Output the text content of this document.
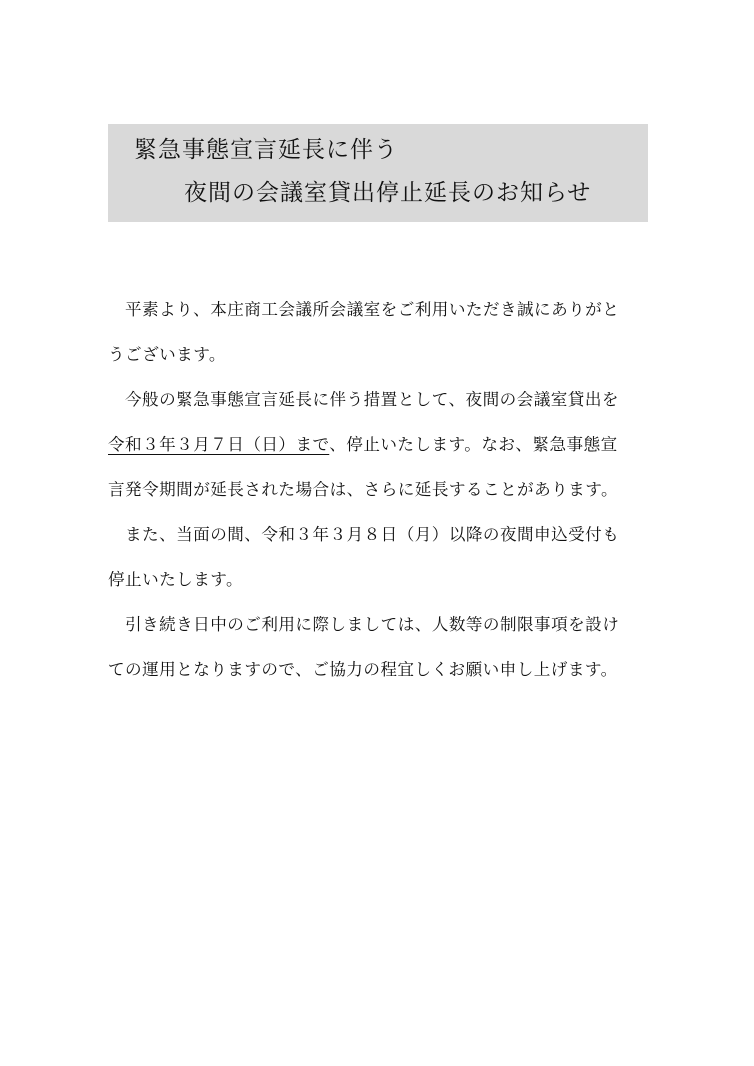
緊急事態宣言延長に伴う
夜間の会議室貸出停止延長のお知らせ
平素より、本庄商工会議所会議室をご利用いただき誠にありがと
うございます。
今般の緊急事態宣言延長に伴う措置として、夜間の会議室貸出を
令和３年３月７日（日）まで、停止いたします。なお、緊急事態宣
言発令期間が延長された場合は、さらに延長することがあります。
また、当面の間、令和３年３月８日（月）以降の夜間申込受付も
停止いたします。
引き続き日中のご利用に際しましては、人数等の制限事項を設け
ての運用となりますので、ご協力の程宜しくお願い申し上げます。
